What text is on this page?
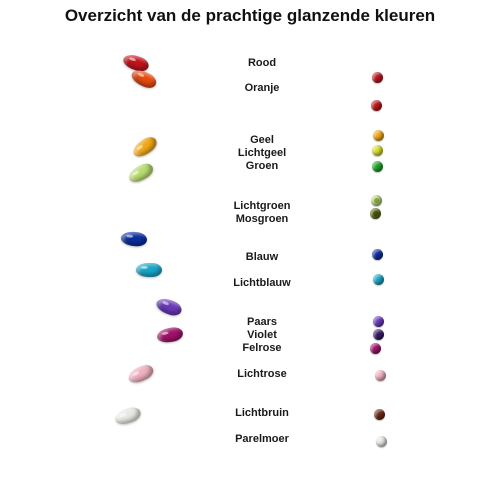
Overzicht van de prachtige glanzende kleuren
Rood
Oranje
Geel
Lichtgeel
Groen
Lichtgroen
Mosgroen
Blauw
Lichtblauw
Paars
Violet
Felrose
Lichtrose
Lichtbruin
Parelmoer
